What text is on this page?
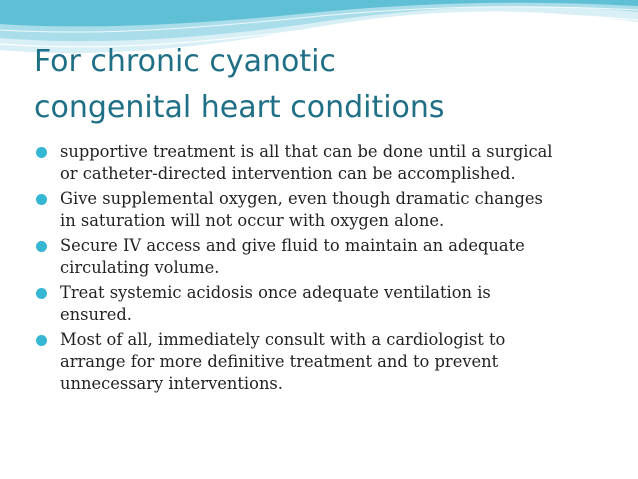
For chronic cyanotic
congenital heart conditions
supportive treatment is all that can be done until a surgical
or catheter-directed intervention can be accomplished.
Give supplemental oxygen, even though dramatic changes
in saturation will not occur with oxygen alone.
Secure IV access and give fluid to maintain an adequate
circulating volume.
Treat systemic acidosis once adequate ventilation is
ensured.
Most of all, immediately consult with a cardiologist to
arrange for more definitive treatment and to prevent
unnecessary interventions.
